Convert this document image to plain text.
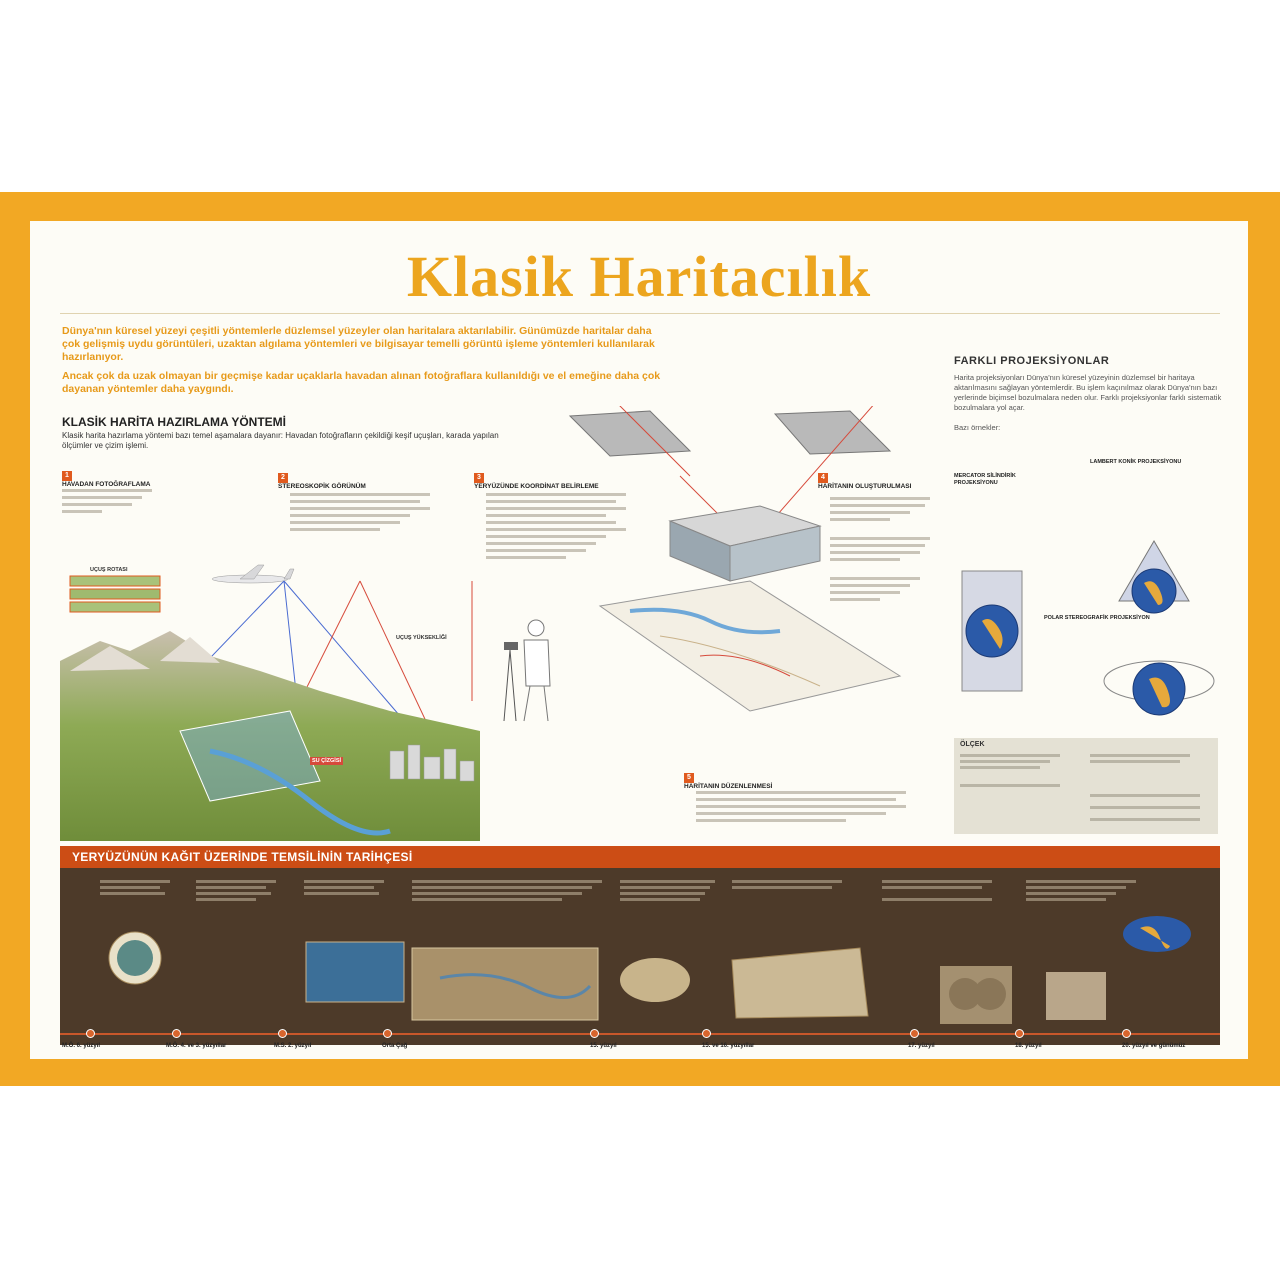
Klasik Haritacılık

Dünya'nın küresel yüzeyi çeşitli yöntemlerle düzlemsel yüzeyler olan haritalara aktarılabilir. Günümüzde haritalar daha çok gelişmiş uydu görüntüleri, uzaktan algılama yöntemleri ve bilgisayar temelli görüntü işleme yöntemleri kullanılarak hazırlanıyor.

Ancak çok da uzak olmayan bir geçmişe kadar uçaklarla havadan alınan fotoğraflara kullanıldığı ve el emeğine daha çok dayanan yöntemler daha yaygındı.

KLASİK HARİTA HAZIRLAMA YÖNTEMİ
Klasik harita hazırlama yöntemi bazı temel aşamalara dayanır: Havadan fotoğrafların çekildiği keşif uçuşları, karada yapılan ölçümler ve çizim işlemi.
1
HAVADAN FOTOĞRAFLAMA
2
STEREOSKOPİK GÖRÜNÜM
3
YERYÜZÜNDE KOORDİNAT BELİRLEME
4
HARİTANIN OLUŞTURULMASI
5
HARİTANIN DÜZENLENMESİ
UÇUŞ ROTASI
UÇUŞ YÜKSEKLİĞİ
SU ÇİZGİSİ
FARKLI PROJEKSİYONLAR
Harita projeksiyonları Dünya'nın küresel yüzeyinin düzlemsel bir haritaya aktarılmasını sağlayan yöntemlerdir. Bu işlem kaçınılmaz olarak Dünya'nın bazı yerlerinde biçimsel bozulmalara neden olur. Farklı projeksiyonlar farklı sistematik bozulmalara yol açar.

Bazı örnekler:
MERCATOR SİLİNDİRİK PROJEKSİYONU
LAMBERT KONİK PROJEKSİYONU
POLAR STEREOGRAFİK PROJEKSİYON
ÖLÇEK
YERYÜZÜNÜN KAĞIT ÜZERİNDE TEMSİLİNİN TARİHÇESİ
M.Ö. 6. yüzyıl	M.Ö. 4. ve 3. yüzyıllar	M.S. 2. yüzyıl	Orta Çağ	15. yüzyıl	15. ve 16. yüzyıllar	17. yüzyıl	18. yüzyıl	20. yüzyıl ve günümüz
